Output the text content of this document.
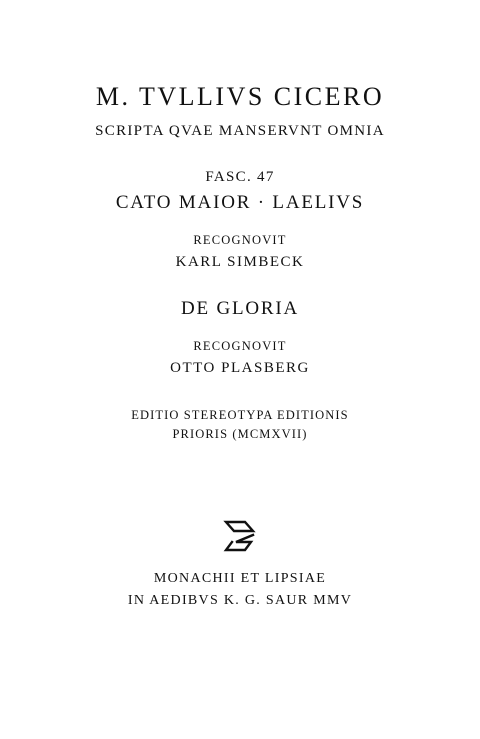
M. TVLLIVS CICERO
SCRIPTA QVAE MANSERVNT OMNIA
FASC. 47
CATO MAIOR · LAELIVS
RECOGNOVIT
KARL SIMBECK
DE GLORIA
RECOGNOVIT
OTTO PLASBERG
EDITIO STEREOTYPA EDITIONIS
PRIORIS (MCMXVII)
MONACHII ET LIPSIAE
IN AEDIBVS K. G. SAUR MMV
